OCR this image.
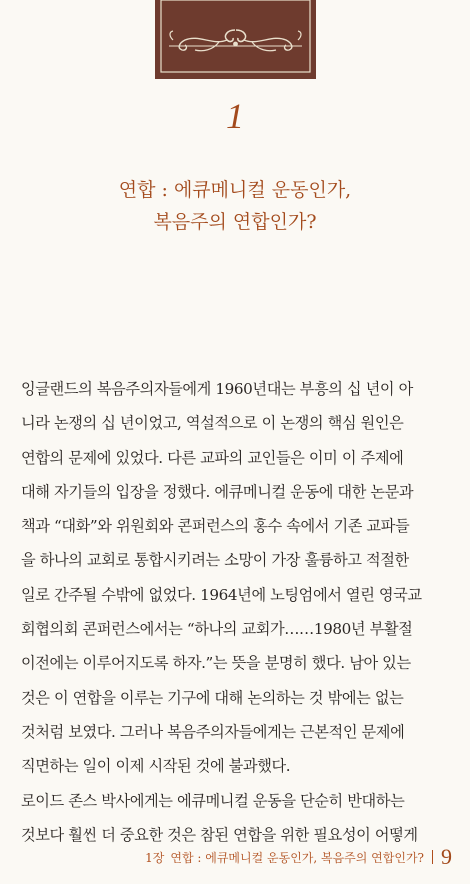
1
연합 : 에큐메니컬 운동인가,
복음주의 연합인가?
잉글랜드의 복음주의자들에게 1960년대는 부흥의 십 년이 아
니라 논쟁의 십 년이었고, 역설적으로 이 논쟁의 핵심 원인은
연합의 문제에 있었다. 다른 교파의 교인들은 이미 이 주제에
대해 자기들의 입장을 정했다. 에큐메니컬 운동에 대한 논문과
책과 “대화”와 위원회와 콘퍼런스의 홍수 속에서 기존 교파들
을 하나의 교회로 통합시키려는 소망이 가장 훌륭하고 적절한
일로 간주될 수밖에 없었다. 1964년에 노팅엄에서 열린 영국교
회협의회 콘퍼런스에서는 “하나의 교회가……1980년 부활절
이전에는 이루어지도록 하자.”는 뜻을 분명히 했다. 남아 있는
것은 이 연합을 이루는 기구에 대해 논의하는 것 밖에는 없는
것처럼 보였다. 그러나 복음주의자들에게는 근본적인 문제에
직면하는 일이 이제 시작된 것에 불과했다.
로이드 존스 박사에게는 에큐메니컬 운동을 단순히 반대하는
것보다 훨씬 더 중요한 것은 참된 연합을 위한 필요성이 어떻게
1장 연합 : 에큐메니컬 운동인가, 복음주의 연합인가? 9
